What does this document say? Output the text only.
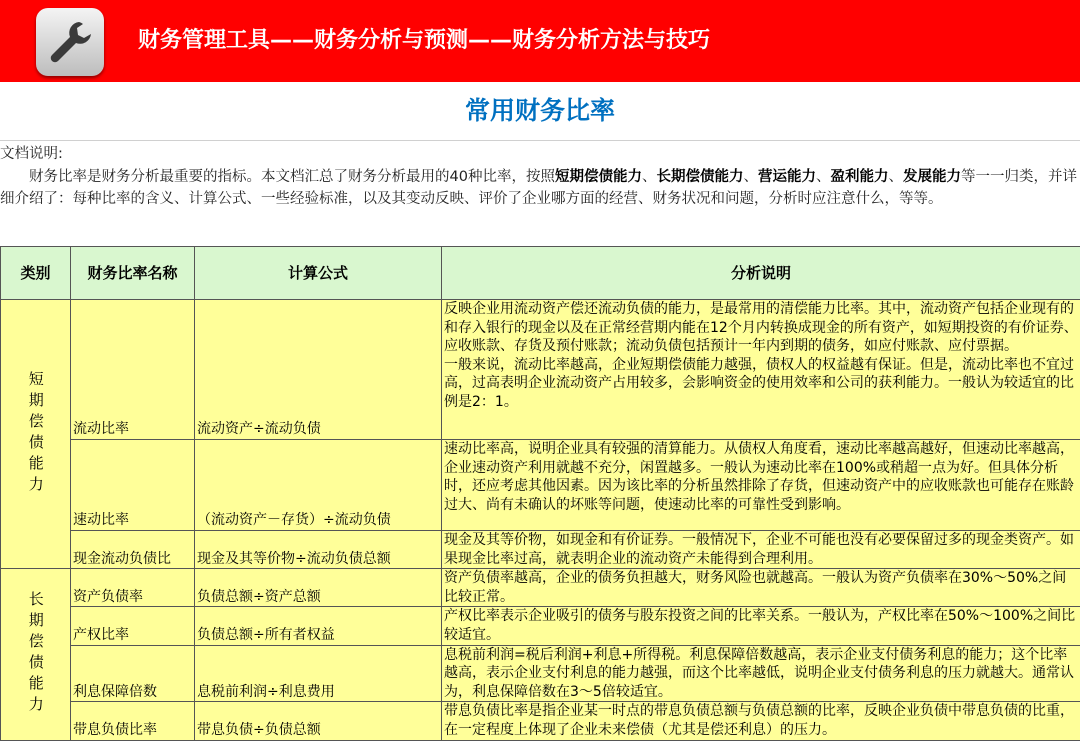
财务管理工具——财务分析与预测——财务分析方法与技巧
常用财务比率
文档说明:

财务比率是财务分析最重要的指标。本文档汇总了财务分析最用的40种比率，按照短期偿债能力、长期偿债能力、营运能力、盈利能力、发展能力等一一归类，并详细介绍了：每种比率的含义、计算公式、一些经验标准，以及其变动反映、评价了企业哪方面的经营、财务状况和问题，分析时应注意什么，等等。

类别	财务比率名称	计算公式	分析说明
短期偿债能力	流动比率	流动资产÷流动负债	反映企业用流动资产偿还流动负债的能力，是最常用的清偿能力比率。其中，流动资产包括企业现有的和存入银行的现金以及在正常经营期内能在12个月内转换成现金的所有资产，如短期投资的有价证券、应收账款、存货及预付账款；流动负债包括预计一年内到期的债务，如应付账款、应付票据。
一般来说，流动比率越高，企业短期偿债能力越强，债权人的权益越有保证。但是，流动比率也不宜过高，过高表明企业流动资产占用较多，会影响资金的使用效率和公司的获利能力。一般认为较适宜的比例是2：1。

	速动比率	（流动资产－存货）÷流动负债	速动比率高，说明企业具有较强的清算能力。从债权人角度看，速动比率越高越好，但速动比率越高，企业速动资产利用就越不充分，闲置越多。一般认为速动比率在100%或稍超一点为好。但具体分析时，还应考虑其他因素。因为该比率的分析虽然排除了存货，但速动资产中的应收账款也可能存在账龄过大、尚有未确认的坏账等问题，使速动比率的可靠性受到影响。
	现金流动负债比	现金及其等价物÷流动负债总额	现金及其等价物，如现金和有价证券。一般情况下，企业不可能也没有必要保留过多的现金类资产。如果现金比率过高，就表明企业的流动资产未能得到合理利用。
长期偿债能力	资产负债率	负债总额÷资产总额	资产负债率越高，企业的债务负担越大，财务风险也就越高。一般认为资产负债率在30%～50%之间比较正常。
	产权比率	负债总额÷所有者权益	产权比率表示企业吸引的债务与股东投资之间的比率关系。一般认为，产权比率在50%～100%之间比较适宜。
	利息保障倍数	息税前利润÷利息费用	息税前利润=税后利润+利息+所得税。利息保障倍数越高，表示企业支付债务利息的能力；这个比率越高，表示企业支付利息的能力越强，而这个比率越低，说明企业支付债务利息的压力就越大。通常认为，利息保障倍数在3～5倍较适宜。
	带息负债比率	带息负债÷负债总额	带息负债比率是指企业某一时点的带息负债总额与负债总额的比率，反映企业负债中带息负债的比重，在一定程度上体现了企业未来偿债（尤其是偿还利息）的压力。
